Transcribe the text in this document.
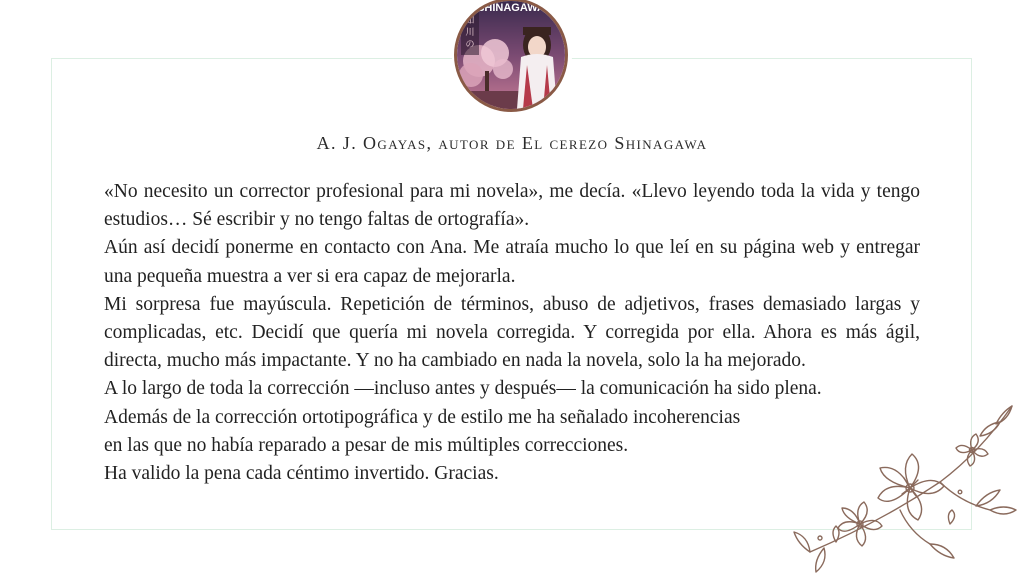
如
川
の
SHINAGAWA
A. J. Ogayas, autor de El cerezo Shinagawa

«No necesito un corrector profesional para mi novela», me decía. «Llevo leyendo toda la vida y tengo estudios… Sé escribir y no tengo faltas de ortografía».

Aún así decidí ponerme en contacto con Ana. Me atraía mucho lo que leí en su página web y entregar una pequeña muestra a ver si era capaz de mejorarla.

Mi sorpresa fue mayúscula. Repetición de términos, abuso de adjetivos, frases demasiado largas y complicadas, etc. Decidí que quería mi novela corregida. Y corregida por ella. Ahora es más ágil, directa, mucho más impactante. Y no ha cambiado en nada la novela, solo la ha mejorado.

A lo largo de toda la corrección —incluso antes y después— la comunicación ha sido plena.

Además de la corrección ortotipográfica y de estilo me ha señalado incoherencias
en las que no había reparado a pesar de mis múltiples correcciones.
Ha valido la pena cada céntimo invertido. Gracias.
